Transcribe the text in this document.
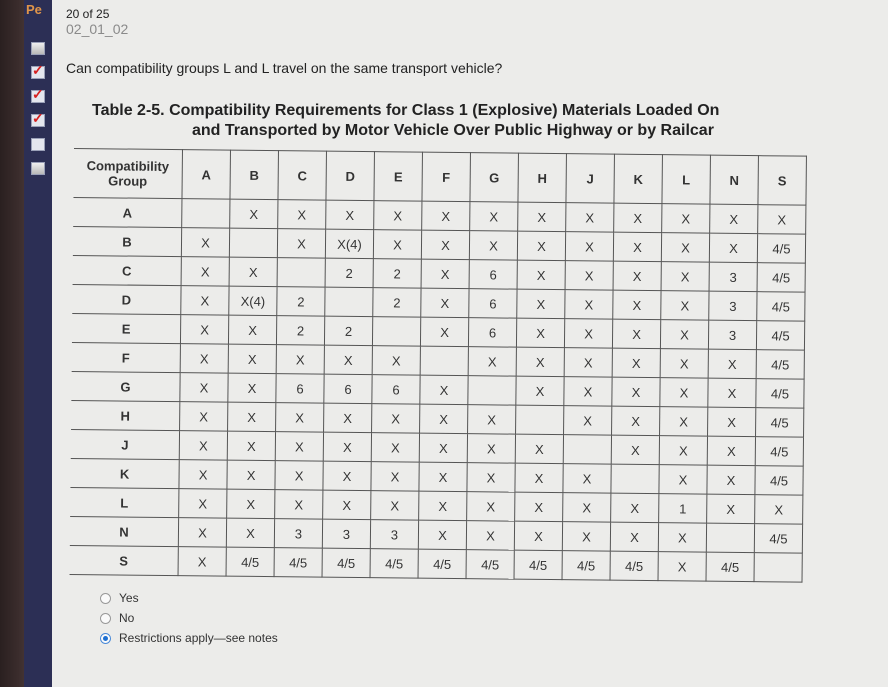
Pe
✓
✓
✓ 20 of 25
02_01_02
Can compatibility groups L and L travel on the same transport vehicle?
Table 2-5. Compatibility Requirements for Class 1 (Explosive) Materials Loaded On
and Transported by Motor Vehicle Over Public Highway or by Railcar
Compatibility Group	A	B	C	D	E	F	G	H	J	K	L	N	S
A		X	X	X	X	X	X	X	X	X	X	X	X
B	X		X	X(4)	X	X	X	X	X	X	X	X	4/5
C	X	X		2	2	X	6	X	X	X	X	3	4/5
D	X	X(4)	2		2	X	6	X	X	X	X	3	4/5
E	X	X	2	2		X	6	X	X	X	X	3	4/5
F	X	X	X	X	X		X	X	X	X	X	X	4/5
G	X	X	6	6	6	X		X	X	X	X	X	4/5
H	X	X	X	X	X	X	X		X	X	X	X	4/5
J	X	X	X	X	X	X	X	X		X	X	X	4/5
K	X	X	X	X	X	X	X	X	X		X	X	4/5
L	X	X	X	X	X	X	X	X	X	X	1	X	X
N	X	X	3	3	3	X	X	X	X	X	X		4/5
S	X	4/5	4/5	4/5	4/5	4/5	4/5	4/5	4/5	4/5	X	4/5	
Yes
No
Restrictions apply—see notes
